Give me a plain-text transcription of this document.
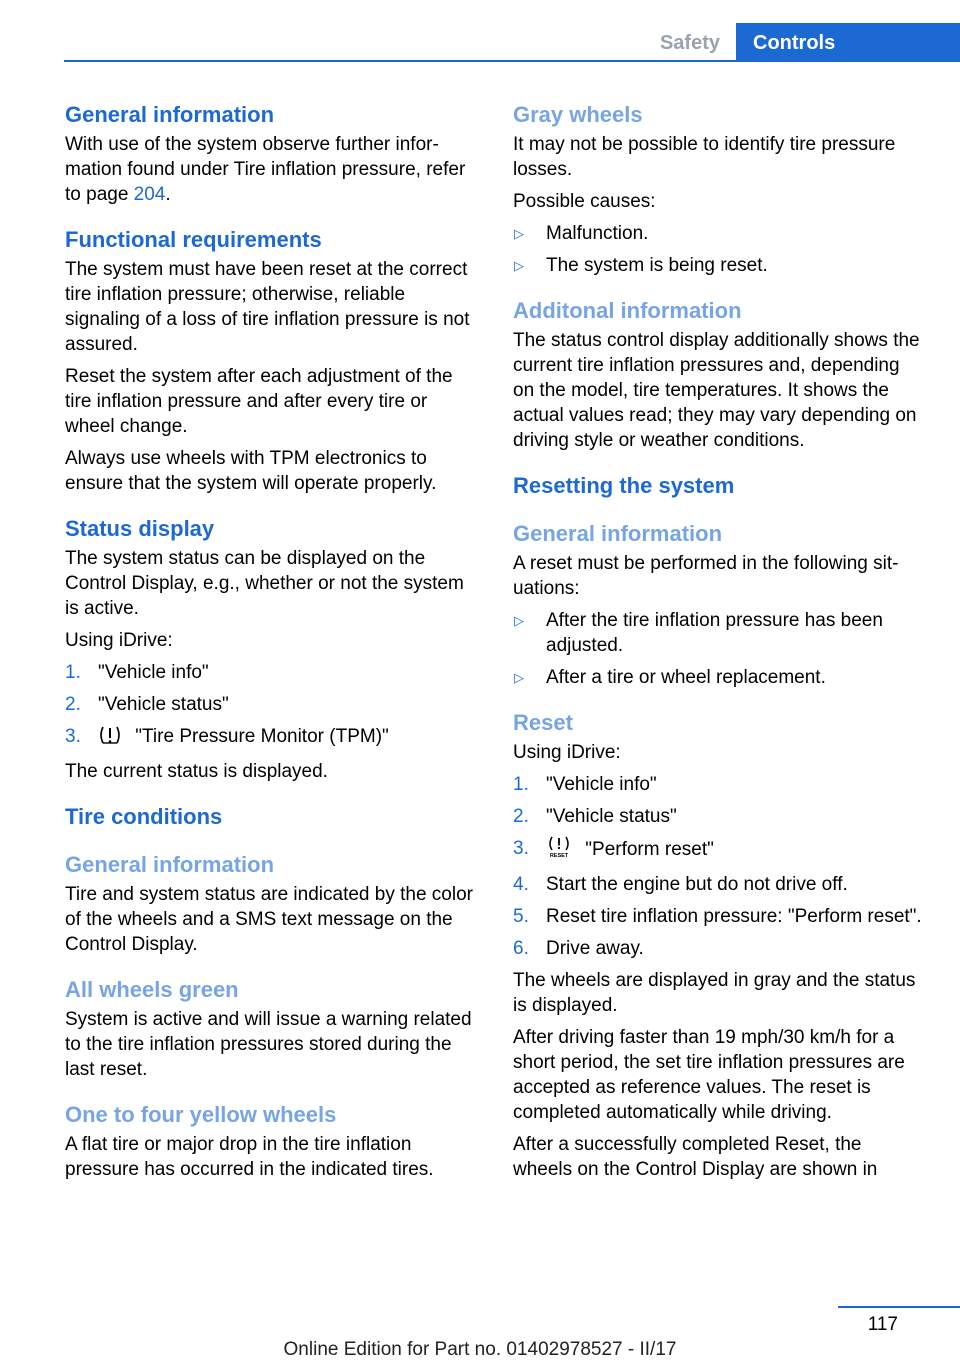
Safety	Controls
General information

With use of the system observe further information found under Tire inflation pressure, refer to page 204.

Functional requirements

The system must have been reset at the correct tire inflation pressure; otherwise, reliable signaling of a loss of tire inflation pressure is not assured.

Reset the system after each adjustment of the tire inflation pressure and after every tire or wheel change.

Always use wheels with TPM electronics to ensure that the system will operate properly.

Status display

The system status can be displayed on the Control Display, e.g., whether or not the system is active.

Using iDrive:

1. "Vehicle info"
2. "Vehicle status"
3.	"Tire Pressure Monitor (TPM)"

The current status is displayed.

Tire conditions
General information

Tire and system status are indicated by the color of the wheels and a SMS text message on the Control Display.

All wheels green

System is active and will issue a warning related to the tire inflation pressures stored during the last reset.

One to four yellow wheels

A flat tire or major drop in the tire inflation pressure has occurred in the indicated tires.

Gray wheels

It may not be possible to identify tire pressure losses.

Possible causes:

▷ Malfunction.
▷ The system is being reset.
Additonal information

The status control display additionally shows the current tire inflation pressures and, depending on the model, tire temperatures. It shows the actual values read; they may vary depending on driving style or weather conditions.

Resetting the system
General information

A reset must be performed in the following situations:

▷ After the tire inflation pressure has been adjusted.
▷ After a tire or wheel replacement.
Reset

Using iDrive:

1. "Vehicle info"
2. "Vehicle status"
3.	RESET "Perform reset"
4. Start the engine but do not drive off.
5. Reset tire inflation pressure: "Perform reset".
6. Drive away.

The wheels are displayed in gray and the status is displayed.

After driving faster than 19 mph/30 km/h for a short period, the set tire inflation pressures are accepted as reference values. The reset is completed automatically while driving.

After a successfully completed Reset, the wheels on the Control Display are shown in

117
Online Edition for Part no. 01402978527 - II/17
